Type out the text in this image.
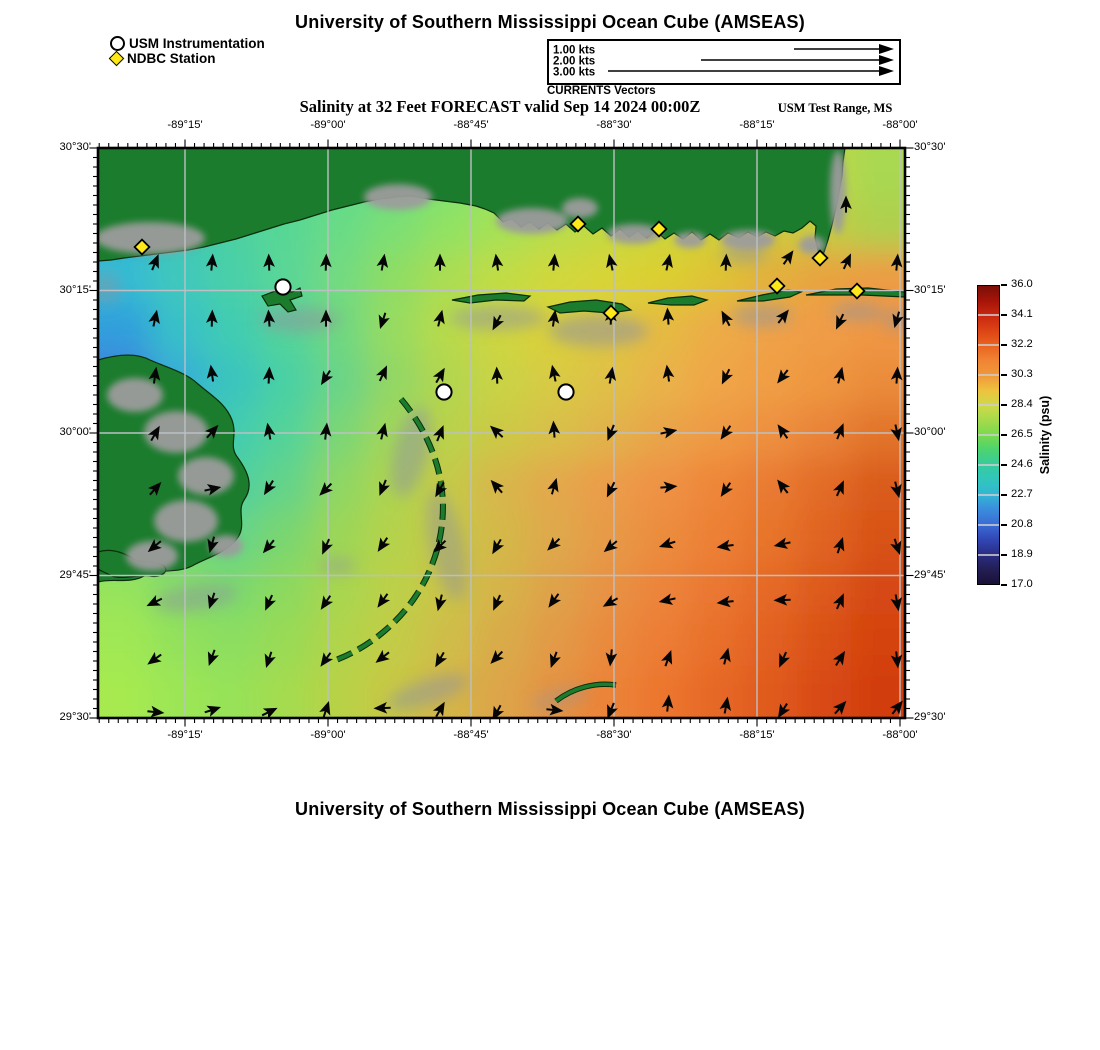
University of Southern Mississippi Ocean Cube (AMSEAS)
USM Instrumentation
NDBC Station
1.00 kts
2.00 kts
3.00 kts
CURRENTS Vectors
Salinity at 32 Feet FORECAST valid Sep 14 2024 00:00Z	USM Test Range, MS
-89°15'
-89°15'
-89°00'
-89°00'
-88°45'
-88°45'
-88°30'
-88°30'
-88°15'
-88°15'
-88°00'
-88°00'
30°30'	30°30'
30°15'	30°15'
30°00'	30°00'
29°45'	29°45'
29°30'	29°30'
36.0
34.1
32.2
30.3
28.4
26.5
24.6
22.7
20.8
18.9
17.0
Salinity (psu)
University of Southern Mississippi Ocean Cube (AMSEAS)
